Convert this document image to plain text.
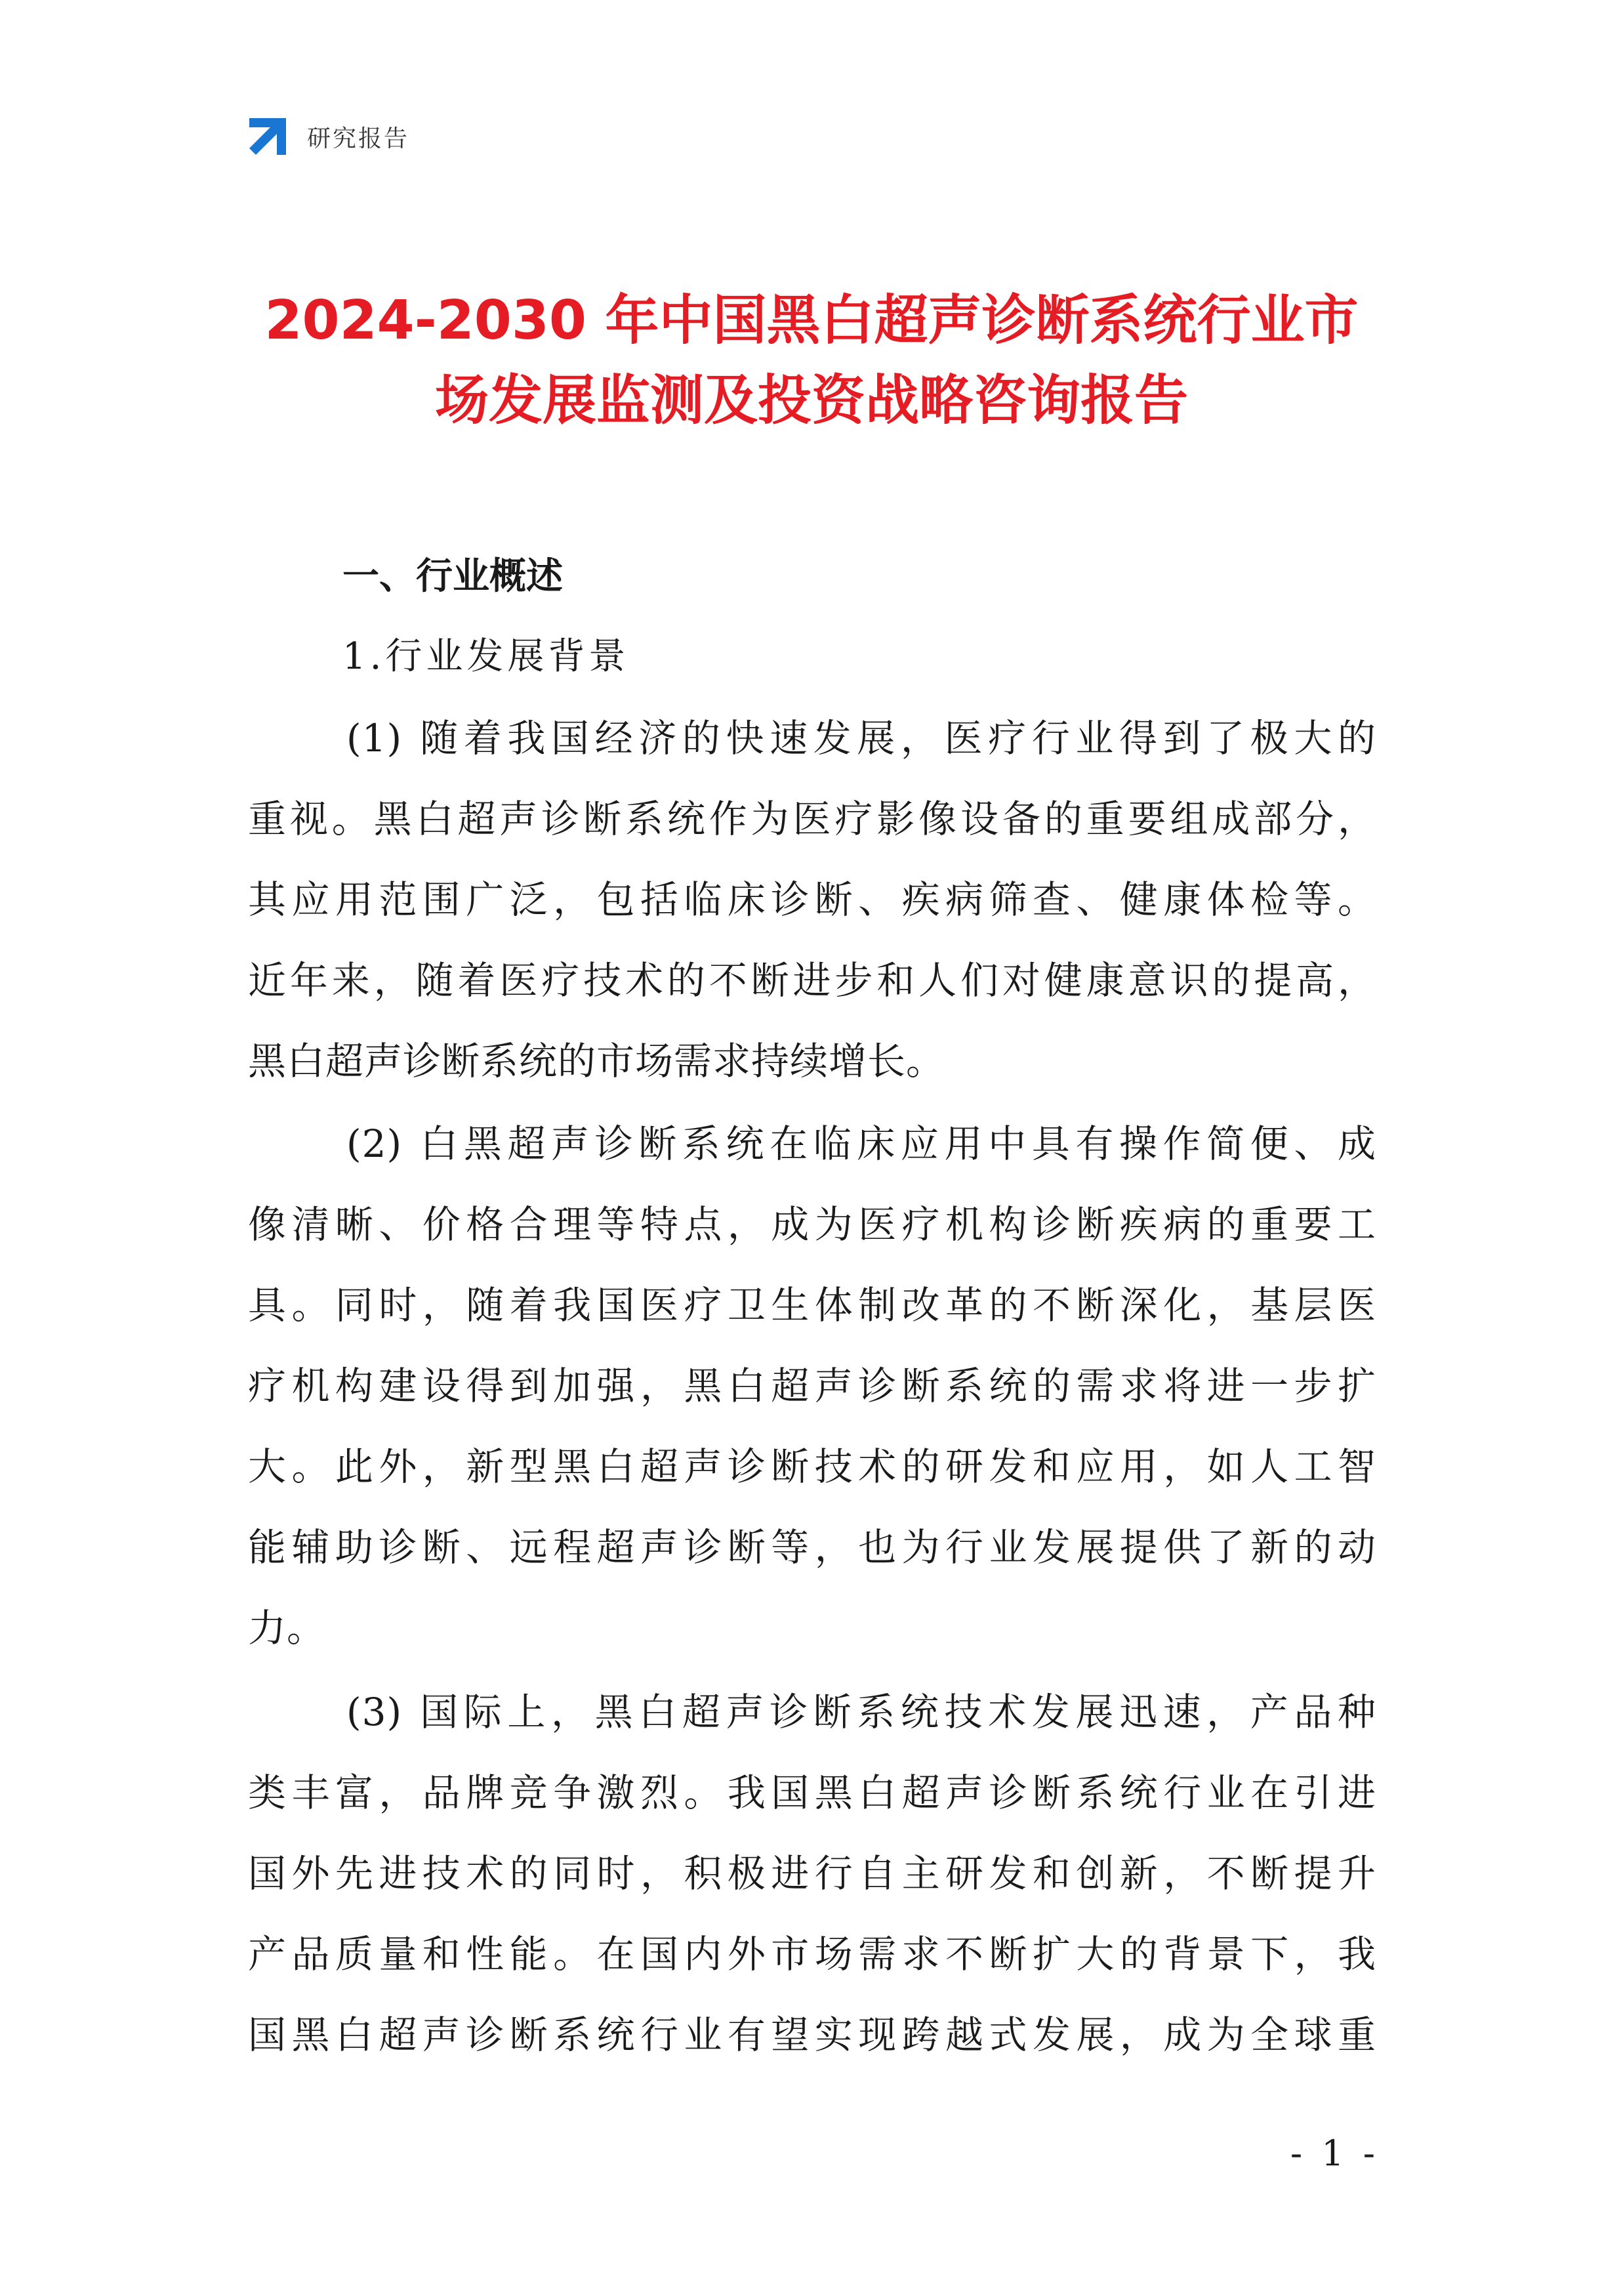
研究报告
2024-2030 年中国黑白超声诊断系统行业市
场发展监测及投资战略咨询报告
一、行业概述
1.行业发展背景
(1) 随着我国经济的快速发展，医疗行业得到了极大的
重视。黑白超声诊断系统作为医疗影像设备的重要组成部分，
其应用范围广泛，包括临床诊断、疾病筛查、健康体检等。
近年来，随着医疗技术的不断进步和人们对健康意识的提高，
黑白超声诊断系统的市场需求持续增长。
(2) 白黑超声诊断系统在临床应用中具有操作简便、成
像清晰、价格合理等特点，成为医疗机构诊断疾病的重要工
具。同时，随着我国医疗卫生体制改革的不断深化，基层医
疗机构建设得到加强，黑白超声诊断系统的需求将进一步扩
大。此外，新型黑白超声诊断技术的研发和应用，如人工智
能辅助诊断、远程超声诊断等，也为行业发展提供了新的动
力。
(3) 国际上，黑白超声诊断系统技术发展迅速，产品种
类丰富，品牌竞争激烈。我国黑白超声诊断系统行业在引进
国外先进技术的同时，积极进行自主研发和创新，不断提升
产品质量和性能。在国内外市场需求不断扩大的背景下，我
国黑白超声诊断系统行业有望实现跨越式发展，成为全球重
- 1 -
